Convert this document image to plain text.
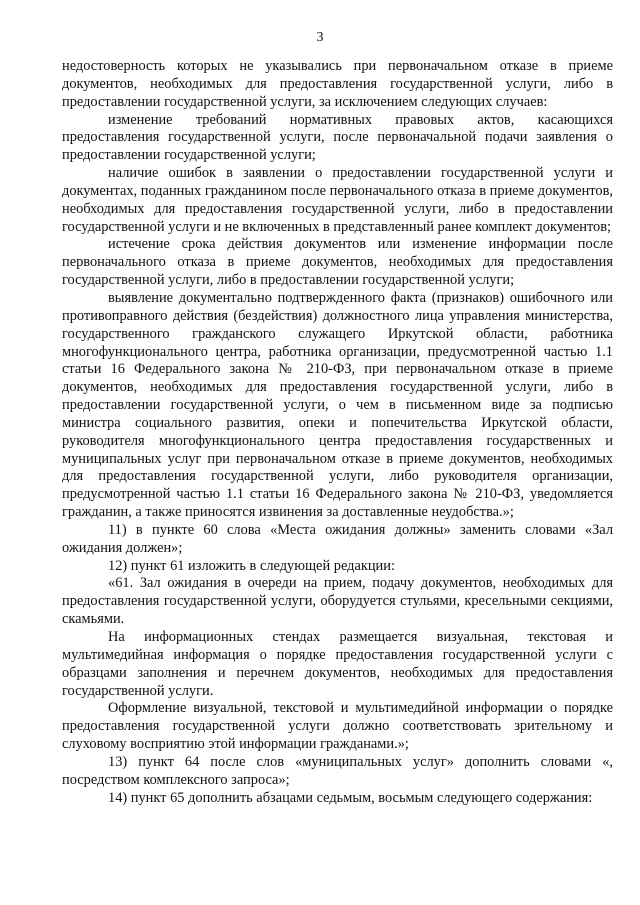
3

недостоверность которых не указывались при первоначальном отказе в приеме документов, необходимых для предоставления государственной услуги, либо в предоставлении государственной услуги, за исключением следующих случаев:

изменение требований нормативных правовых актов, касающихся предоставления государственной услуги, после первоначальной подачи заявления о предоставлении государственной услуги;

наличие ошибок в заявлении о предоставлении государственной услуги и документах, поданных гражданином после первоначального отказа в приеме документов, необходимых для предоставления государственной услуги, либо в предоставлении государственной услуги и не включенных в представленный ранее комплект документов;

истечение срока действия документов или изменение информации после первоначального отказа в приеме документов, необходимых для предоставления государственной услуги, либо в предоставлении государственной услуги;

выявление документально подтвержденного факта (признаков) ошибочного или противоправного действия (бездействия) должностного лица управления министерства, государственного гражданского служащего Иркутской области, работника многофункционального центра, работника организации, предусмотренной частью 1.1 статьи 16 Федерального закона № 210-ФЗ, при первоначальном отказе в приеме документов, необходимых для предоставления государственной услуги, либо в предоставлении государственной услуги, о чем в письменном виде за подписью министра социального развития, опеки и попечительства Иркутской области, руководителя многофункционального центра предоставления государственных и муниципальных услуг при первоначальном отказе в приеме документов, необходимых для предоставления государственной услуги, либо руководителя организации, предусмотренной частью 1.1 статьи 16 Федерального закона № 210-ФЗ, уведомляется гражданин, а также приносятся извинения за доставленные неудобства.»;

11) в пункте 60 слова «Места ожидания должны» заменить словами «Зал ожидания должен»;

12) пункт 61 изложить в следующей редакции:

«61. Зал ожидания в очереди на прием, подачу документов, необходимых для предоставления государственной услуги, оборудуется стульями, кресельными секциями, скамьями.

На информационных стендах размещается визуальная, текстовая и мультимедийная информация о порядке предоставления государственной услуги с образцами заполнения и перечнем документов, необходимых для предоставления государственной услуги.

Оформление визуальной, текстовой и мультимедийной информации о порядке предоставления государственной услуги должно соответствовать зрительному и слуховому восприятию этой информации гражданами.»;

13) пункт 64 после слов «муниципальных услуг» дополнить словами «, посредством комплексного запроса»;

14) пункт 65 дополнить абзацами седьмым, восьмым следующего содержания:
